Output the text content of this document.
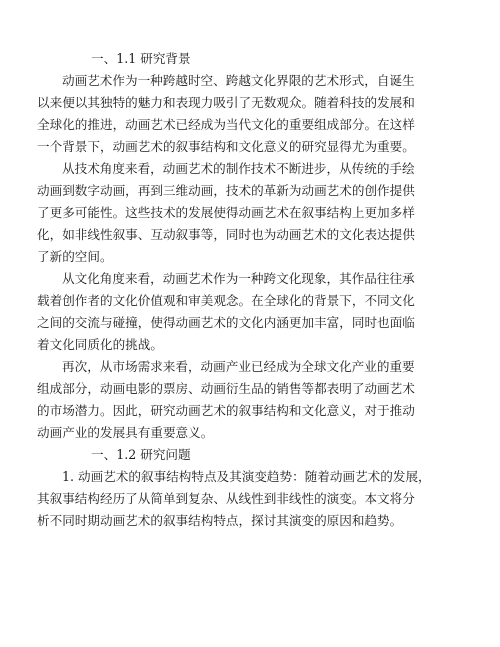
一、1.1 研究背景
动画艺术作为一种跨越时空、跨越文化界限的艺术形式，自诞生
以来便以其独特的魅力和表现力吸引了无数观众。随着科技的发展和
全球化的推进，动画艺术已经成为当代文化的重要组成部分。在这样
一个背景下，动画艺术的叙事结构和文化意义的研究显得尤为重要。
从技术角度来看，动画艺术的制作技术不断进步，从传统的手绘
动画到数字动画，再到三维动画，技术的革新为动画艺术的创作提供
了更多可能性。这些技术的发展使得动画艺术在叙事结构上更加多样
化，如非线性叙事、互动叙事等，同时也为动画艺术的文化表达提供
了新的空间。
从文化角度来看，动画艺术作为一种跨文化现象，其作品往往承
载着创作者的文化价值观和审美观念。在全球化的背景下，不同文化
之间的交流与碰撞，使得动画艺术的文化内涵更加丰富，同时也面临
着文化同质化的挑战。
再次，从市场需求来看，动画产业已经成为全球文化产业的重要
组成部分，动画电影的票房、动画衍生品的销售等都表明了动画艺术
的市场潜力。因此，研究动画艺术的叙事结构和文化意义，对于推动
动画产业的发展具有重要意义。
一、1.2 研究问题
1. 动画艺术的叙事结构特点及其演变趋势：随着动画艺术的发展，
其叙事结构经历了从简单到复杂、从线性到非线性的演变。本文将分
析不同时期动画艺术的叙事结构特点，探讨其演变的原因和趋势。
